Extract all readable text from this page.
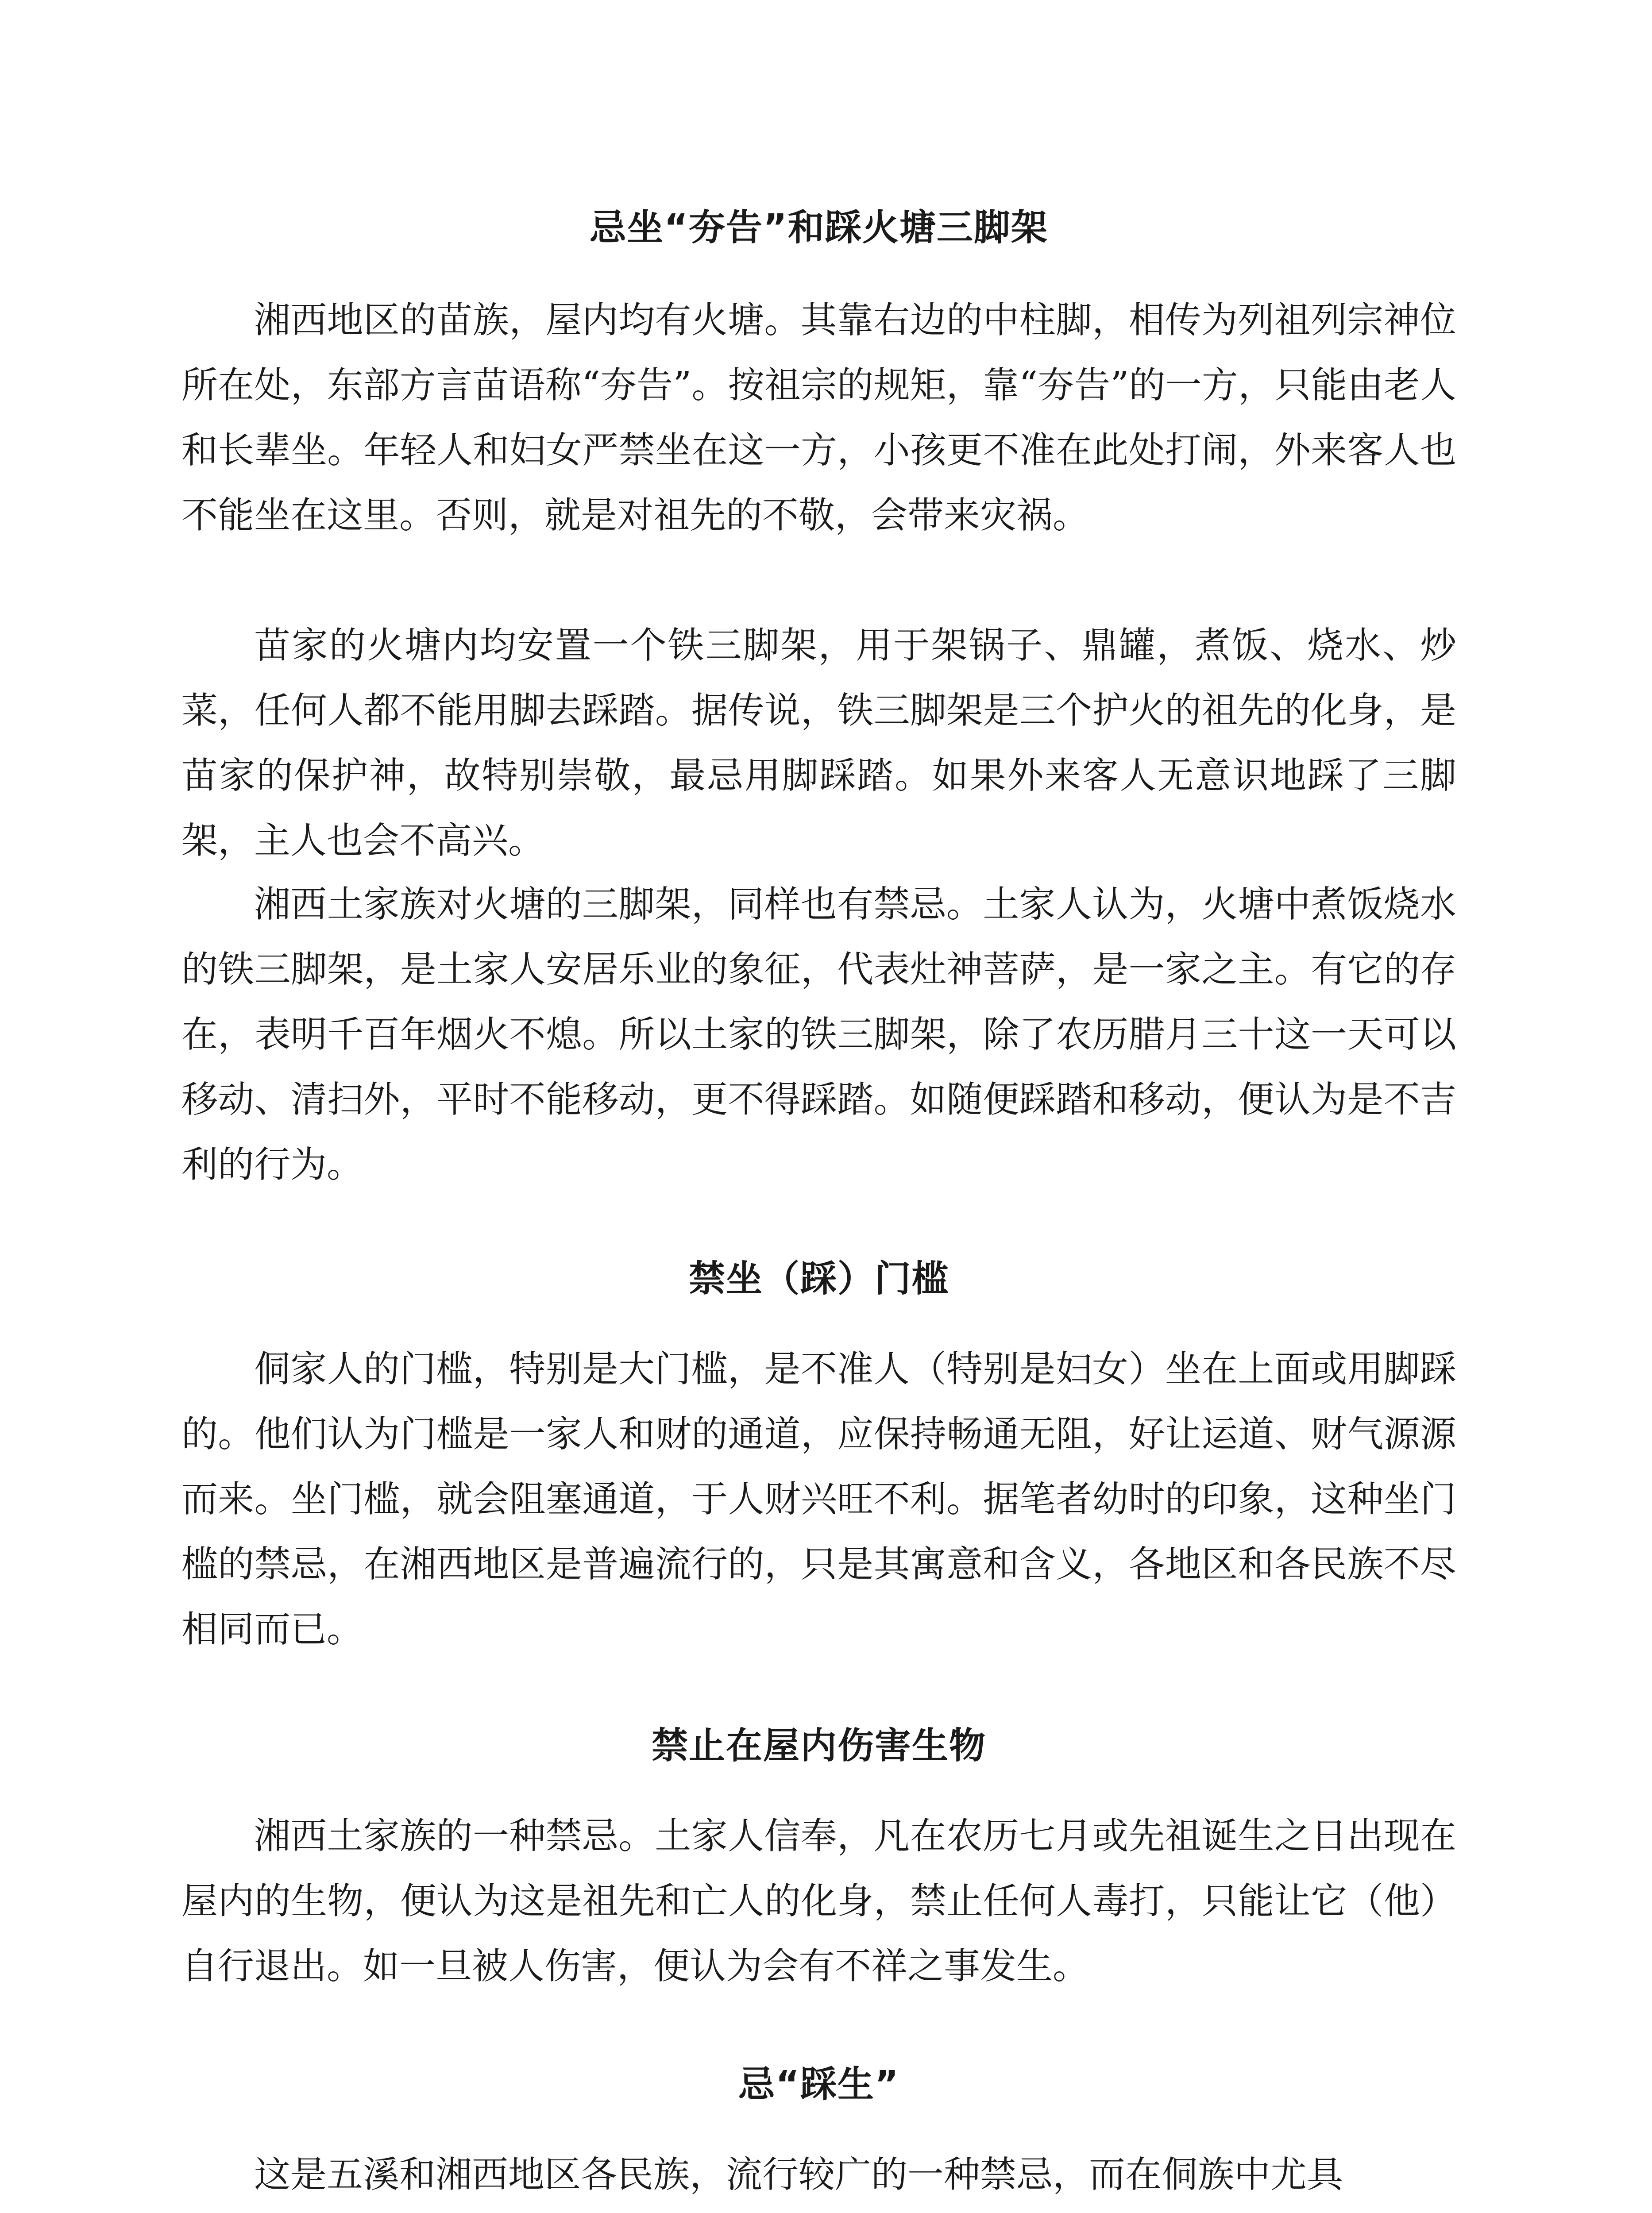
忌坐“夯告”和踩火塘三脚架

湘西地区的苗族，屋内均有火塘。其靠右边的中柱脚，相传为列祖列宗神位所在处，东部方言苗语称“夯告”。按祖宗的规矩，靠“夯告”的一方，只能由老人和长辈坐。年轻人和妇女严禁坐在这一方，小孩更不准在此处打闹，外来客人也不能坐在这里。否则，就是对祖先的不敬，会带来灾祸。

苗家的火塘内均安置一个铁三脚架，用于架锅子、鼎罐，煮饭、烧水、炒菜，任何人都不能用脚去踩踏。据传说，铁三脚架是三个护火的祖先的化身，是苗家的保护神，故特别崇敬，最忌用脚踩踏。如果外来客人无意识地踩了三脚架，主人也会不高兴。

湘西土家族对火塘的三脚架，同样也有禁忌。土家人认为，火塘中煮饭烧水的铁三脚架，是土家人安居乐业的象征，代表灶神菩萨，是一家之主。有它的存在，表明千百年烟火不熄。所以土家的铁三脚架，除了农历腊月三十这一天可以移动、清扫外，平时不能移动，更不得踩踏。如随便踩踏和移动，便认为是不吉利的行为。

禁坐（踩）门槛

侗家人的门槛，特别是大门槛，是不准人（特别是妇女）坐在上面或用脚踩的。他们认为门槛是一家人和财的通道，应保持畅通无阻，好让运道、财气源源而来。坐门槛，就会阻塞通道，于人财兴旺不利。据笔者幼时的印象，这种坐门槛的禁忌，在湘西地区是普遍流行的，只是其寓意和含义，各地区和各民族不尽相同而已。

禁止在屋内伤害生物

湘西土家族的一种禁忌。土家人信奉，凡在农历七月或先祖诞生之日出现在屋内的生物，便认为这是祖先和亡人的化身，禁止任何人毒打，只能让它（他）自行退出。如一旦被人伤害，便认为会有不祥之事发生。

忌“踩生”

这是五溪和湘西地区各民族，流行较广的一种禁忌，而在侗族中尤具
